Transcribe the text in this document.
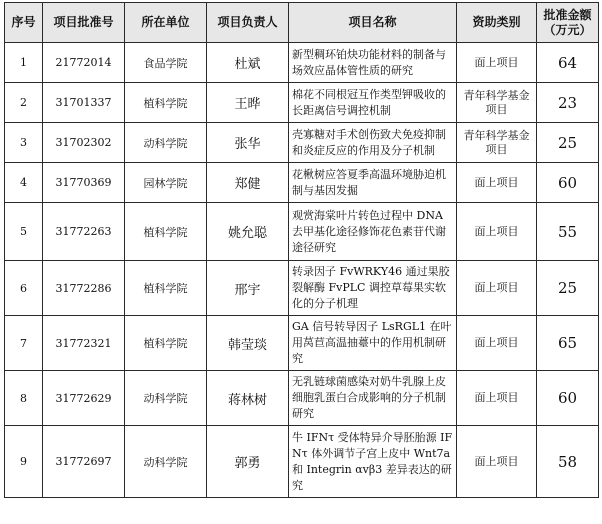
序号	项目批准号	所在单位	项目负责人	项目名称	资助类别	批准金额（万元）
1	21772014	食品学院	杜斌	新型稠环铂炔功能材料的制备与场效应晶体管性质的研究	面上项目	64
2	31701337	植科学院	王晔	棉花不同根冠互作类型钾吸收的长距离信号调控机制	青年科学基金项目	23
3	31702302	动科学院	张华	壳寡糖对手术创伤致犬免疫抑制和炎症反应的作用及分子机制	青年科学基金项目	25
4	31770369	园林学院	郑健	花楸树应答夏季高温环境胁迫机制与基因发掘	面上项目	60
5	31772263	植科学院	姚允聪	观赏海棠叶片转色过程中 DNA 去甲基化途径修饰花色素苷代谢途径研究	面上项目	55
6	31772286	植科学院	邢宇	转录因子 FvWRKY46 通过果胶裂解酶 FvPLC 调控草莓果实软化的分子机理	面上项目	25
7	31772321	植科学院	韩莹琰	GA 信号转导因子 LsRGL1 在叶用莴苣高温抽薹中的作用机制研究	面上项目	65
8	31772629	动科学院	蒋林树	无乳链球菌感染对奶牛乳腺上皮细胞乳蛋白合成影响的分子机制研究	面上项目	60
9	31772697	动科学院	郭勇	牛 IFNτ 受体特异介导胚胎源 IFNτ 体外调节子宫上皮中 Wnt7a 和 Integrin αvβ3 差异表达的研究	面上项目	58
